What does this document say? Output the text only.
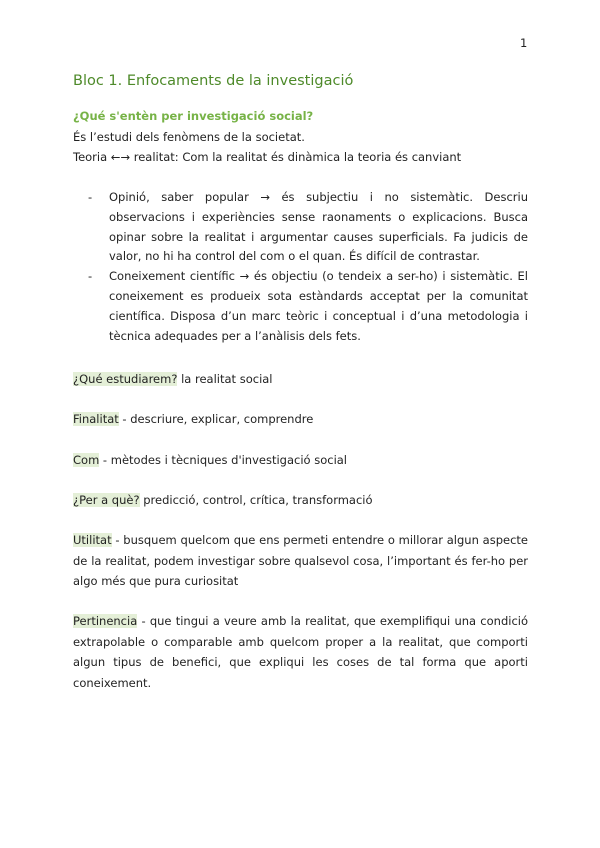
1
Bloc 1. Enfocaments de la investigació
¿Qué s'entèn per investigació social?
És l’estudi dels fenòmens de la societat.
Teoria ←→ realitat: Com la realitat és dinàmica la teoria és canviant
- Opinió, saber popular → és subjectiu i no sistemàtic. Descriu observacions i experiències sense raonaments o explicacions. Busca opinar sobre la realitat i argumentar causes superficials. Fa judicis de valor, no hi ha control del com o el quan. És difícil de contrastar.
- Coneixement científic → és objectiu (o tendeix a ser-ho) i sistemàtic. El coneixement es produeix sota estàndards acceptat per la comunitat científica. Disposa d’un marc teòric i conceptual i d’una metodologia i tècnica adequades per a l’anàlisis dels fets.

¿Qué estudiarem? la realitat social

Finalitat - descriure, explicar, comprendre

Com - mètodes i tècniques d'investigació social

¿Per a què? predicció, control, crítica, transformació

Utilitat - busquem quelcom que ens permeti entendre o millorar algun aspecte de la realitat, podem investigar sobre qualsevol cosa, l’important és fer-ho per algo més que pura curiositat

Pertinencia - que tingui a veure amb la realitat, que exemplifiqui una condició extrapolable o comparable amb quelcom proper a la realitat, que comporti algun tipus de benefici, que expliqui les coses de tal forma que aporti coneixement.
